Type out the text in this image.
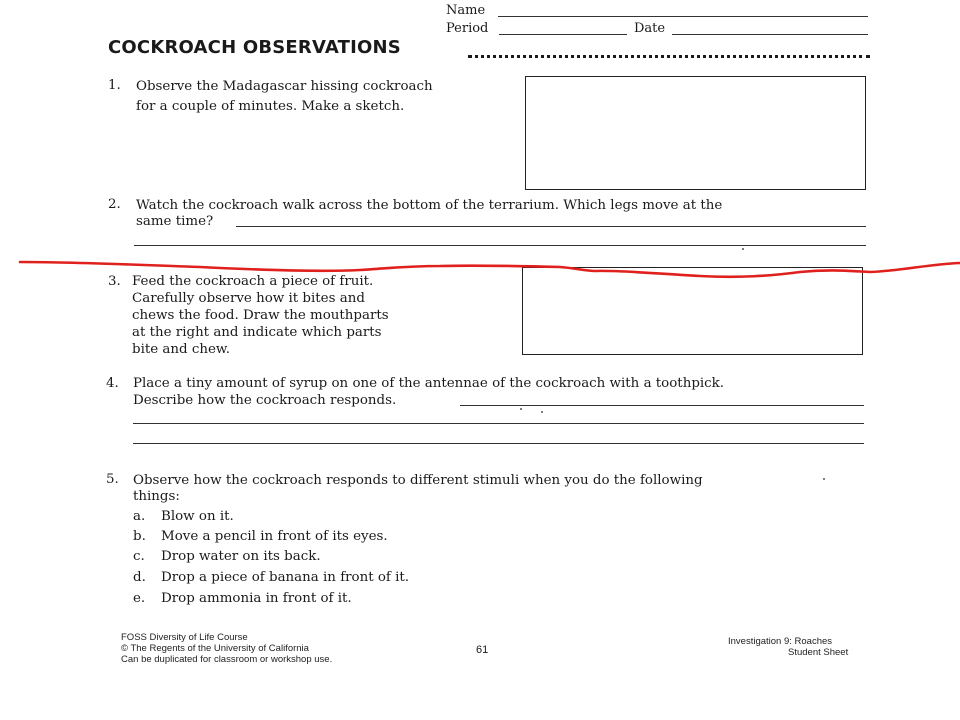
Name
Period	Date
COCKROACH OBSERVATIONS
1. Observe the Madagascar hissing cockroach
for a couple of minutes. Make a sketch.
2. Watch the cockroach walk across the bottom of the terrarium. Which legs move at the
same time?
3. Feed the cockroach a piece of fruit.
Carefully observe how it bites and
chews the food. Draw the mouthparts
at the right and indicate which parts
bite and chew.
4. Place a tiny amount of syrup on one of the antennae of the cockroach with a toothpick.
Describe how the cockroach responds.
5. Observe how the cockroach responds to different stimuli when you do the following
things:
a. Blow on it.
b. Move a pencil in front of its eyes.
c. Drop water on its back.
d. Drop a piece of banana in front of it.
e. Drop ammonia in front of it.
FOSS Diversity of Life Course
© The Regents of the University of California
Can be duplicated for classroom or workshop use.
61
Investigation 9: Roaches
Student Sheet
